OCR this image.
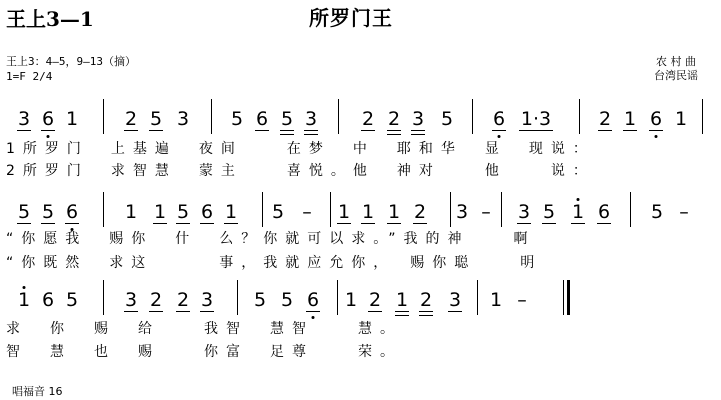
王上3—1	所罗门王
王上3：4—5，9—13（摘）
1=F 2/4
农 村 曲
台湾民谣
3 6 1 2 5 3 5 6 5 3 2 2 3 5 6 1·3	2 1 6 1
1所罗门　上基遍　夜间　　在梦　中　耶和华　显　现说：
2所罗门　求智慧　蒙主　　喜悦。他　神对　　他　　说：
5 5 6 1 1 5 6 1 5 – 1 1 1 2 3 – 3 5 1 6 5 –
“你愿我　赐你　什　么？你就可以求。”我的神　　啊
“你既然　求这　　　事，我就应允你，　赐你聪　　明
1 6 5 3 2 2 3 5 5 6 1 2 1 2 3 1 –
求　你　赐　给　　我智　慧智　　慧。
智　慧　也　赐　　你富　足尊　　荣。
唱福音 16
